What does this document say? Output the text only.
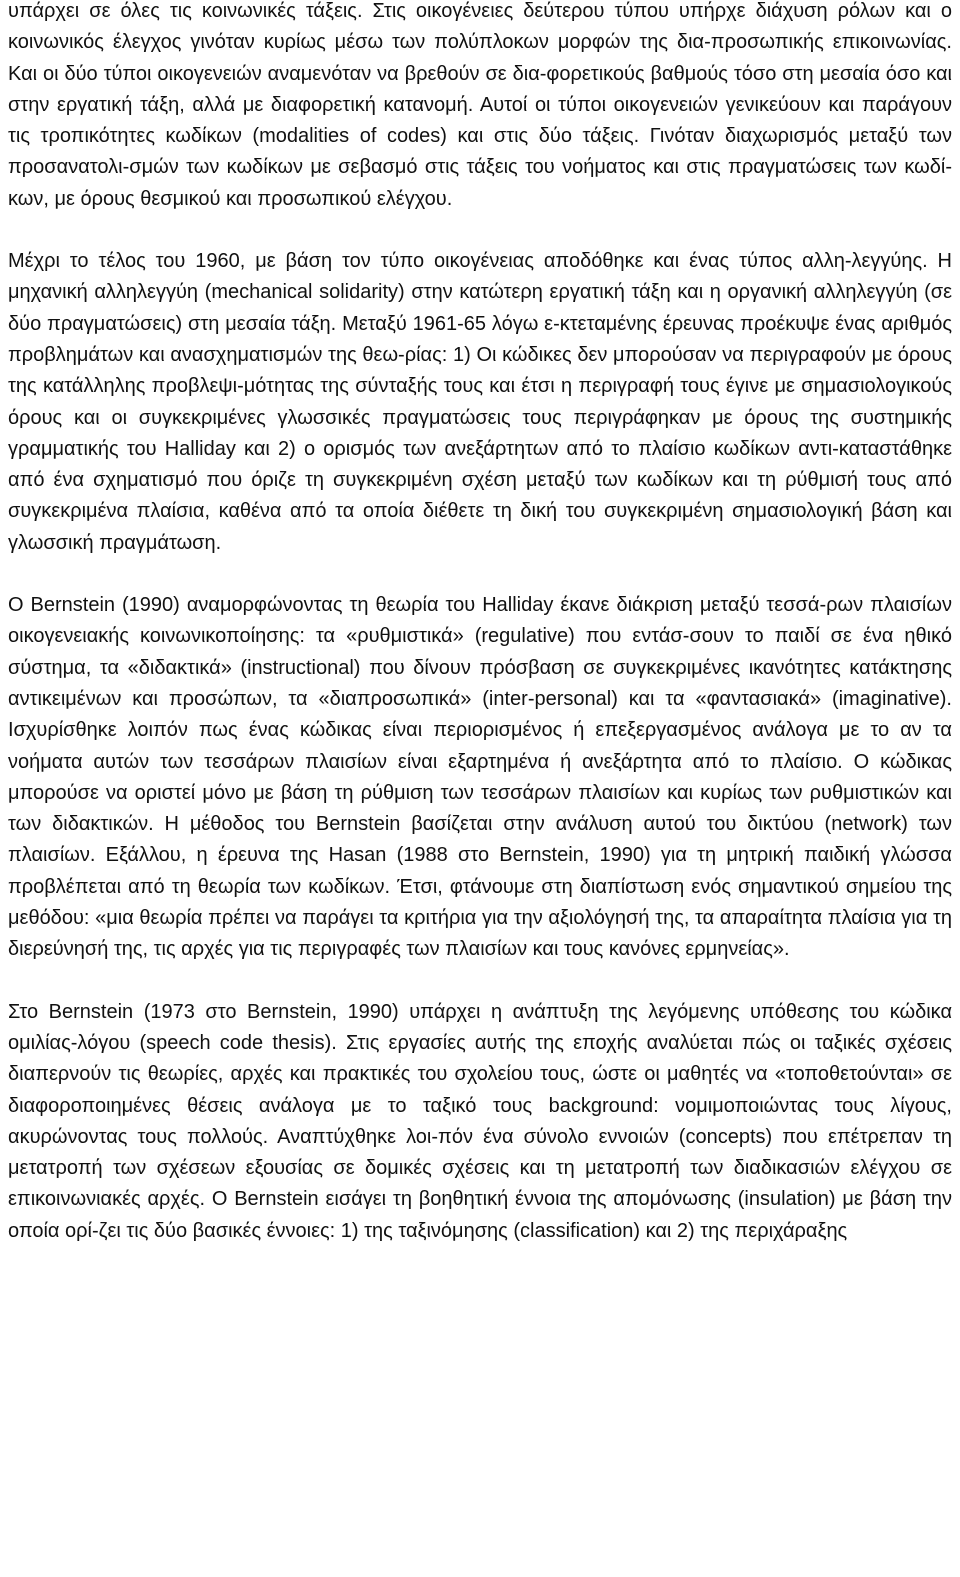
υπάρχει σε όλες τις κοινωνικές τάξεις. Στις οικογένειες δεύτερου τύπου υπήρχε διάχυση ρόλων και ο κοινωνικός έλεγχος γινόταν κυρίως μέσω των πολύπλοκων μορφών της δια-προσωπικής επικοινωνίας. Και οι δύο τύποι οικογενειών αναμενόταν να βρεθούν σε δια-φορετικούς βαθμούς τόσο στη μεσαία όσο και στην εργατική τάξη, αλλά με διαφορετική κατανομή. Αυτοί οι τύποι οικογενειών γενικεύουν και παράγουν τις τροπικότητες κωδίκων (modalities of codes) και στις δύο τάξεις. Γινόταν διαχωρισμός μεταξύ των προσανατολι-σμών των κωδίκων με σεβασμό στις τάξεις του νοήματος και στις πραγματώσεις των κωδί-κων, με όρους θεσμικού και προσωπικού ελέγχου.

Μέχρι το τέλος του 1960, με βάση τον τύπο οικογένειας αποδόθηκε και ένας τύπος αλλη-λεγγύης. Η μηχανική αλληλεγγύη (mechanical solidarity) στην κατώτερη εργατική τάξη και η οργανική αλληλεγγύη (σε δύο πραγματώσεις) στη μεσαία τάξη. Μεταξύ 1961-65 λόγω ε-κτεταμένης έρευνας προέκυψε ένας αριθμός προβλημάτων και ανασχηματισμών της θεω-ρίας: 1) Οι κώδικες δεν μπορούσαν να περιγραφούν με όρους της κατάλληλης προβλεψι-μότητας της σύνταξής τους και έτσι η περιγραφή τους έγινε με σημασιολογικούς όρους και οι συγκεκριμένες γλωσσικές πραγματώσεις τους περιγράφηκαν με όρους της συστημικής γραμματικής του Halliday και 2) ο ορισμός των ανεξάρτητων από το πλαίσιο κωδίκων αντι-καταστάθηκε από ένα σχηματισμό που όριζε τη συγκεκριμένη σχέση μεταξύ των κωδίκων και τη ρύθμισή τους από συγκεκριμένα πλαίσια, καθένα από τα οποία διέθετε τη δική του συγκεκριμένη σημασιολογική βάση και γλωσσική πραγμάτωση.

Ο Bernstein (1990) αναμορφώνοντας τη θεωρία του Halliday έκανε διάκριση μεταξύ τεσσά-ρων πλαισίων οικογενειακής κοινωνικοποίησης: τα «ρυθμιστικά» (regulative) που εντάσ-σουν το παιδί σε ένα ηθικό σύστημα, τα «διδακτικά» (instructional) που δίνουν πρόσβαση σε συγκεκριμένες ικανότητες κατάκτησης αντικειμένων και προσώπων, τα «διαπροσωπικά» (inter-personal) και τα «φαντασιακά» (imaginative). Ισχυρίσθηκε λοιπόν πως ένας κώδικας είναι περιορισμένος ή επεξεργασμένος ανάλογα με το αν τα νοήματα αυτών των τεσσάρων πλαισίων είναι εξαρτημένα ή ανεξάρτητα από το πλαίσιο. Ο κώδικας μπορούσε να οριστεί μόνο με βάση τη ρύθμιση των τεσσάρων πλαισίων και κυρίως των ρυθμιστικών και των διδακτικών. Η μέθοδος του Bernstein βασίζεται στην ανάλυση αυτού του δικτύου (network) των πλαισίων. Εξάλλου, η έρευνα της Hasan (1988 στο Bernstein, 1990) για τη μητρική παιδική γλώσσα προβλέπεται από τη θεωρία των κωδίκων. Έτσι, φτάνουμε στη διαπίστωση ενός σημαντικού σημείου της μεθόδου: «μια θεωρία πρέπει να παράγει τα κριτήρια για την αξιολόγησή της, τα απαραίτητα πλαίσια για τη διερεύνησή της, τις αρχές για τις περιγραφές των πλαισίων και τους κανόνες ερμηνείας».

Στο Bernstein (1973 στο Bernstein, 1990) υπάρχει η ανάπτυξη της λεγόμενης υπόθεσης του κώδικα ομιλίας-λόγου (speech code thesis). Στις εργασίες αυτής της εποχής αναλύεται πώς οι ταξικές σχέσεις διαπερνούν τις θεωρίες, αρχές και πρακτικές του σχολείου τους, ώστε οι μαθητές να «τοποθετούνται» σε διαφοροποιημένες θέσεις ανάλογα με το ταξικό τους background: νομιμοποιώντας τους λίγους, ακυρώνοντας τους πολλούς. Αναπτύχθηκε λοι-πόν ένα σύνολο εννοιών (concepts) που επέτρεπαν τη μετατροπή των σχέσεων εξουσίας σε δομικές σχέσεις και τη μετατροπή των διαδικασιών ελέγχου σε επικοινωνιακές αρχές. Ο Bernstein εισάγει τη βοηθητική έννοια της απομόνωσης (insulation) με βάση την οποία ορί-ζει τις δύο βασικές έννοιες: 1) της ταξινόμησης (classification) και 2) της περιχάραξης
